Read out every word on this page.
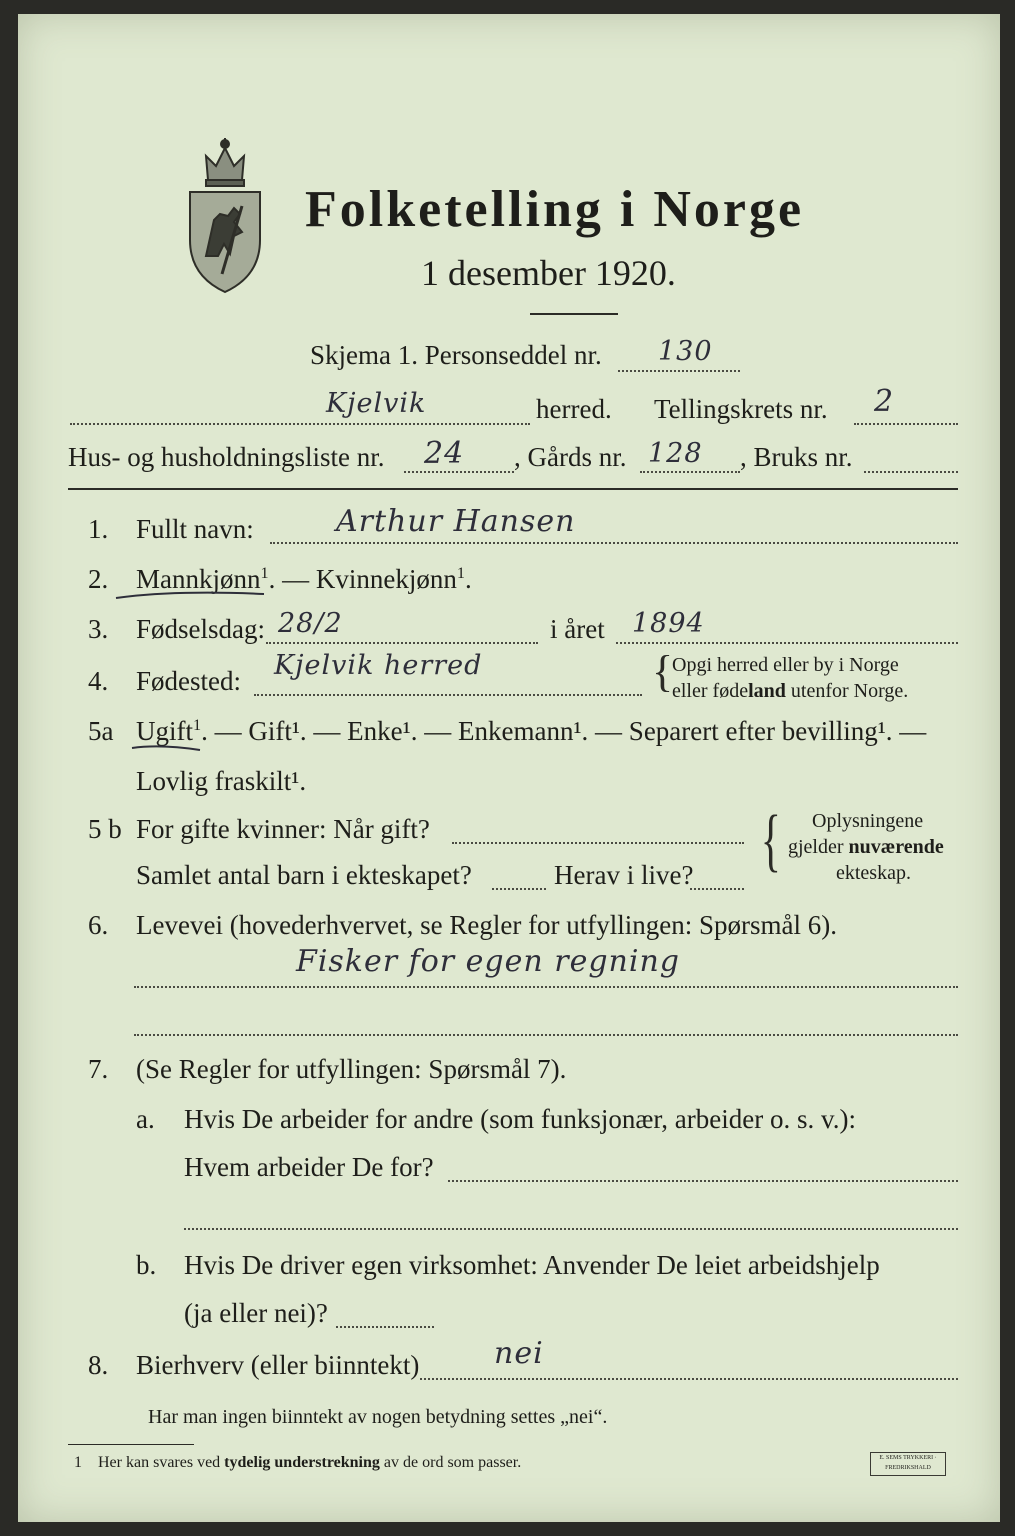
Folketelling i Norge
1 desember 1920.
Skjema 1. Personseddel nr. 130
Kjelvik	herred. Tellingskrets nr. 2
Hus- og husholdningsliste nr. 24 , Gårds nr. 128 , Bruks nr.
1. Fullt navn:	Arthur Hansen
2. Mannkjønn$^1$. — Kvinnekjønn$^1$.
3. Fødselsdag: 28/2	i året 1894
4. Fødested: Kjelvik herred	{
Opgi herred eller by i Norge
eller fødeland utenfor Norge.
5a Ugift$^1$. — Gift¹. — Enke¹. — Enkemann¹. — Separert efter bevilling¹. —
Lovlig fraskilt¹.
5 b For gifte kvinner: Når gift?
Samlet antal barn i ekteskapet?	Herav i live? { Oplysningene
gjelder nuværende
ekteskap.
6. Levevei (hovederhvervet, se Regler for utfyllingen: Spørsmål 6).
Fisker for egen regning
7. (Se Regler for utfyllingen: Spørsmål 7).
a. Hvis De arbeider for andre (som funksjonær, arbeider o. s. v.):
Hvem arbeider De for?
b. Hvis De driver egen virksomhet: Anvender De leiet arbeidshjelp
(ja eller nei)?
8. Bierhverv (eller biinntekt) nei
Har man ingen biinntekt av nogen betydning settes „nei“.
1 Her kan svares ved tydelig understrekning av de ord som passer.	E. SEMS TRYKKERI · FREDRIKSHALD
